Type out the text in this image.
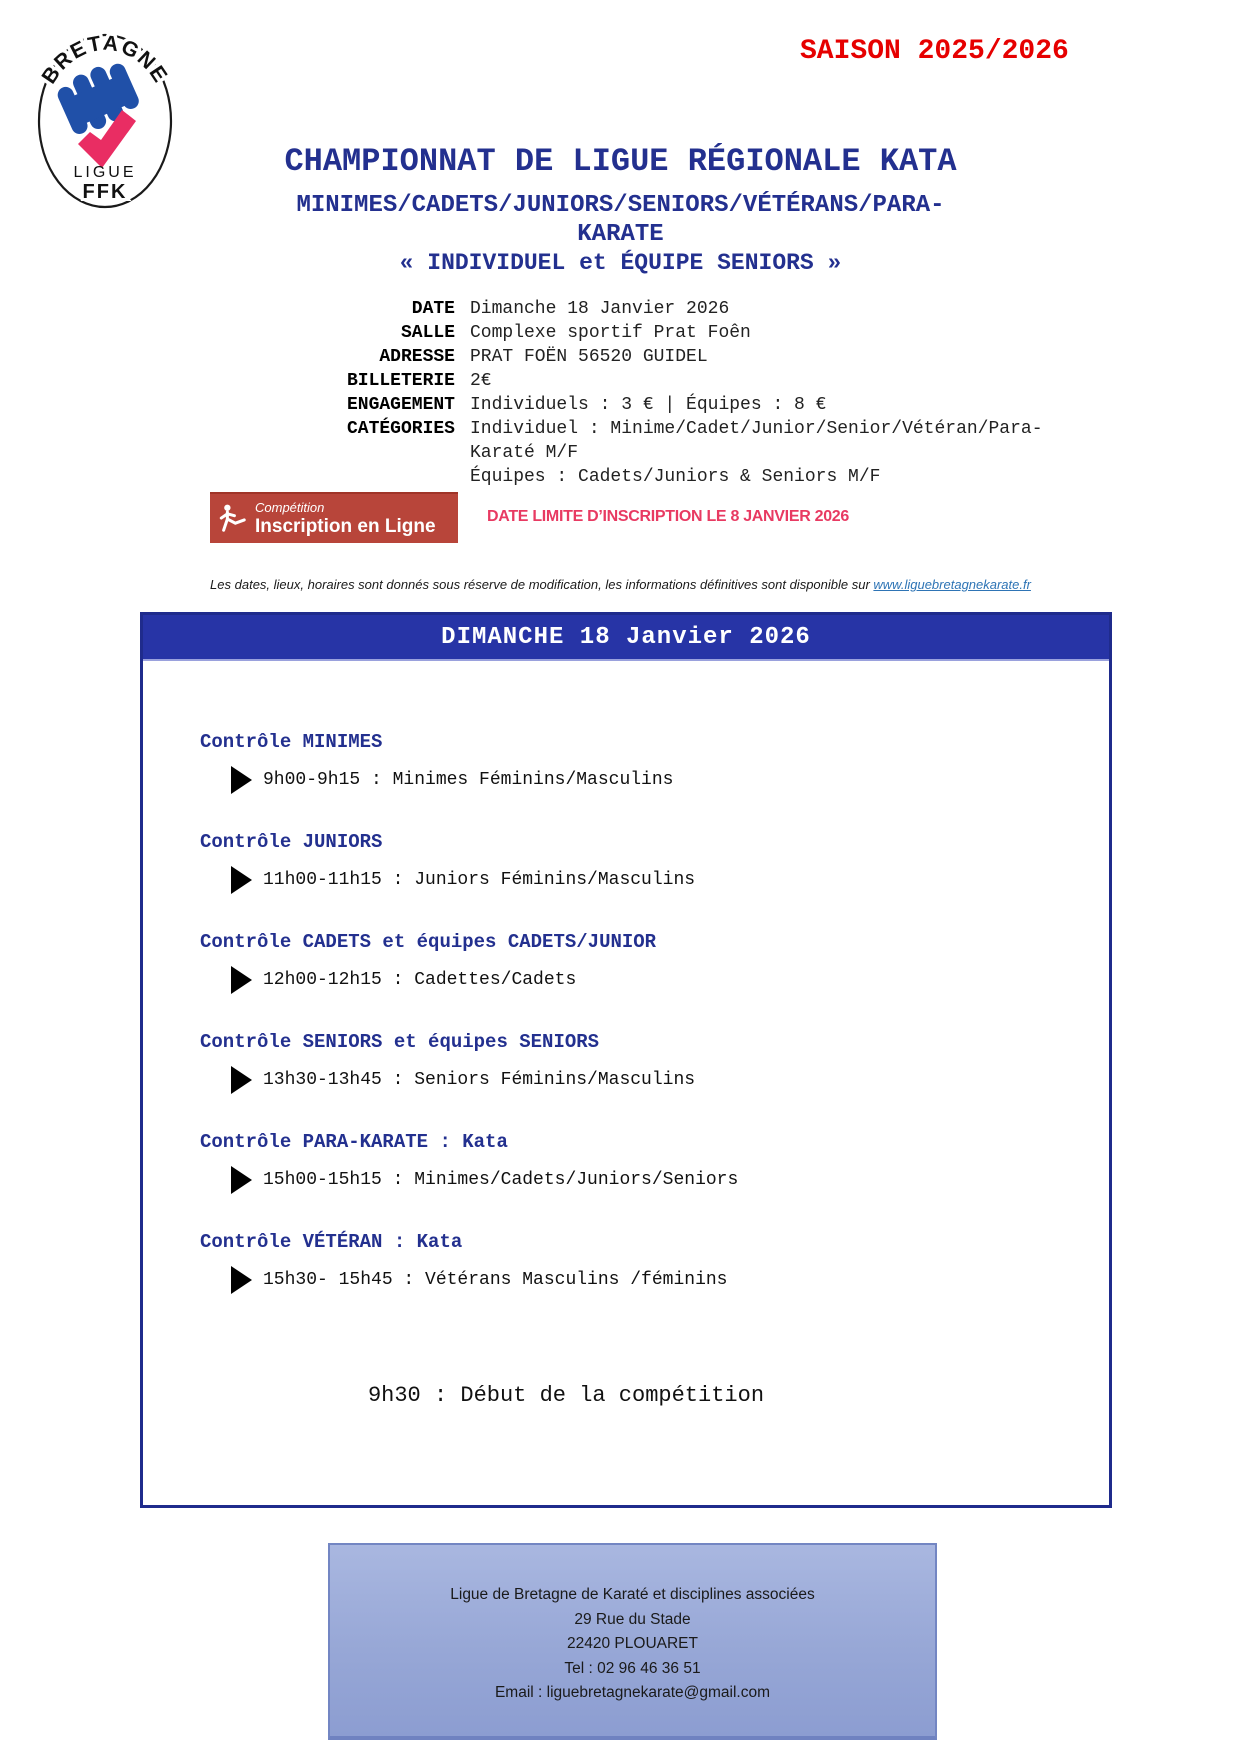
BRETAGNE
LIGUE
FFK
SAISON 2025/2026
CHAMPIONNAT DE LIGUE RÉGIONALE KATA
MINIMES/CADETS/JUNIORS/SENIORS/VÉTÉRANS/PARA-
KARATE
« INDIVIDUEL et ÉQUIPE SENIORS »
DATE Dimanche 18 Janvier 2026
SALLE Complexe sportif Prat Foên
ADRESSE PRAT FOËN 56520 GUIDEL
BILLETERIE 2€
ENGAGEMENT Individuels : 3 € | Équipes : 8 €
CATÉGORIES Individuel : Minime/Cadet/Junior/Senior/Vétéran/Para-
Karaté M/F
Équipes : Cadets/Juniors & Seniors M/F
Compétition
Inscription en Ligne	DATE LIMITE D’INSCRIPTION LE 8 JANVIER 2026
Les dates, lieux, horaires sont donnés sous réserve de modification, les informations définitives sont disponible sur www.liguebretagnekarate.fr
DIMANCHE 18 Janvier 2026
Contrôle MINIMES
9h00-9h15 : Minimes Féminins/Masculins
Contrôle JUNIORS
11h00-11h15 : Juniors Féminins/Masculins
Contrôle CADETS et équipes CADETS/JUNIOR
12h00-12h15 : Cadettes/Cadets
Contrôle SENIORS et équipes SENIORS
13h30-13h45 : Seniors Féminins/Masculins
Contrôle PARA-KARATE : Kata
15h00-15h15 : Minimes/Cadets/Juniors/Seniors
Contrôle VÉTÉRAN : Kata
15h30- 15h45 : Vétérans Masculins /féminins
9h30 : Début de la compétition
Ligue de Bretagne de Karaté et disciplines associées
29 Rue du Stade
22420 PLOUARET
Tel : 02 96 46 36 51
Email : liguebretagnekarate@gmail.com
